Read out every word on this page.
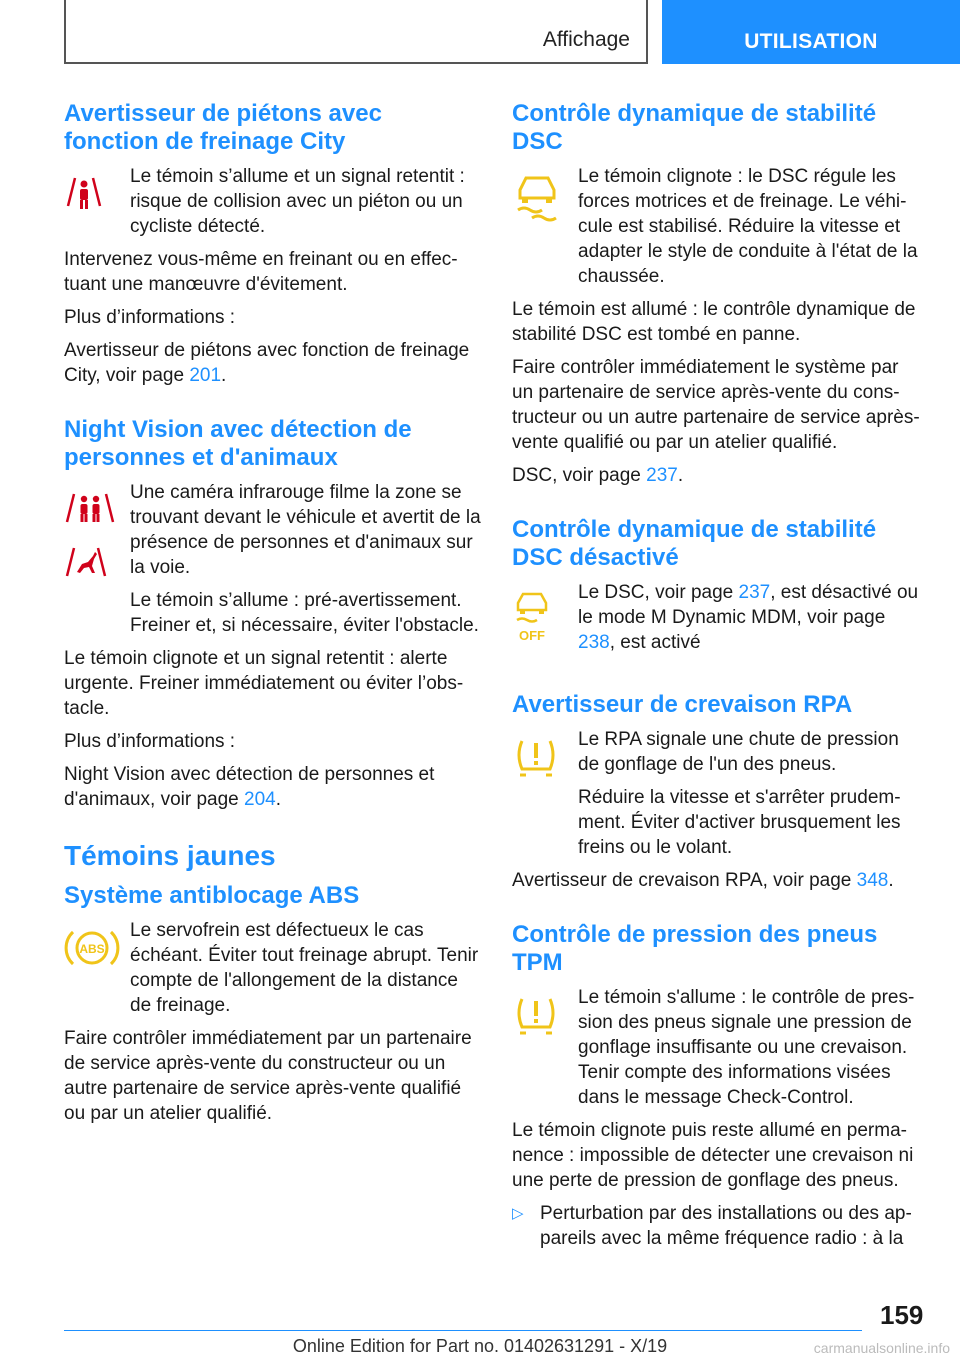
Affichage	UTILISATION
Avertisseur de piétons avec fonction de freinage City

Le témoin s’allume et un signal retentit : risque de collision avec un piéton ou un cycliste détecté.

Intervenez vous-même en freinant ou en effectuant une manœuvre d'évitement.

Plus d’informations :

Avertisseur de piétons avec fonction de freinage City, voir page 201.

Night Vision avec détection de personnes et d'animaux

Une caméra infrarouge filme la zone se trouvant devant le véhicule et avertit de la présence de personnes et d'animaux sur la voie.

Le témoin s’allume : pré-avertissement. Freiner et, si nécessaire, éviter l'obstacle.

Le témoin clignote et un signal retentit : alerte urgente. Freiner immédiatement ou éviter l’obstacle.

Plus d’informations :

Night Vision avec détection de personnes et d'animaux, voir page 204.

Témoins jaunes
Système antiblocage ABS
ABS

Le servofrein est défectueux le cas échéant. Éviter tout freinage abrupt. Tenir compte de l'allongement de la distance de freinage.

Faire contrôler immédiatement par un partenaire de service après-vente du constructeur ou un autre partenaire de service après-vente qualifié ou par un atelier qualifié.

Contrôle dynamique de stabilité DSC

Le témoin clignote : le DSC régule les forces motrices et de freinage. Le véhicule est stabilisé. Réduire la vitesse et adapter le style de conduite à l'état de la chaussée.

Le témoin est allumé : le contrôle dynamique de stabilité DSC est tombé en panne.

Faire contrôler immédiatement le système par un partenaire de service après-vente du constructeur ou un autre partenaire de service après-vente qualifié ou par un atelier qualifié.

DSC, voir page 237.

Contrôle dynamique de stabilité DSC désactivé
OFF

Le DSC, voir page 237, est désactivé ou le mode M Dynamic MDM, voir page 238, est activé

Avertisseur de crevaison RPA

Le RPA signale une chute de pression de gonflage de l'un des pneus.

Réduire la vitesse et s'arrêter prudemment. Éviter d'activer brusquement les freins ou le volant.

Avertisseur de crevaison RPA, voir page 348.

Contrôle de pression des pneus TPM

Le témoin s'allume : le contrôle de pression des pneus signale une pression de gonflage insuffisante ou une crevaison. Tenir compte des informations visées dans le message Check-Control.

Le témoin clignote puis reste allumé en permanence : impossible de détecter une crevaison ni une perte de pression de gonflage des pneus.

▷ Perturbation par des installations ou des appareils avec la même fréquence radio : à la

159
Online Edition for Part no. 01402631291 - X/19	carmanualsonline.info
